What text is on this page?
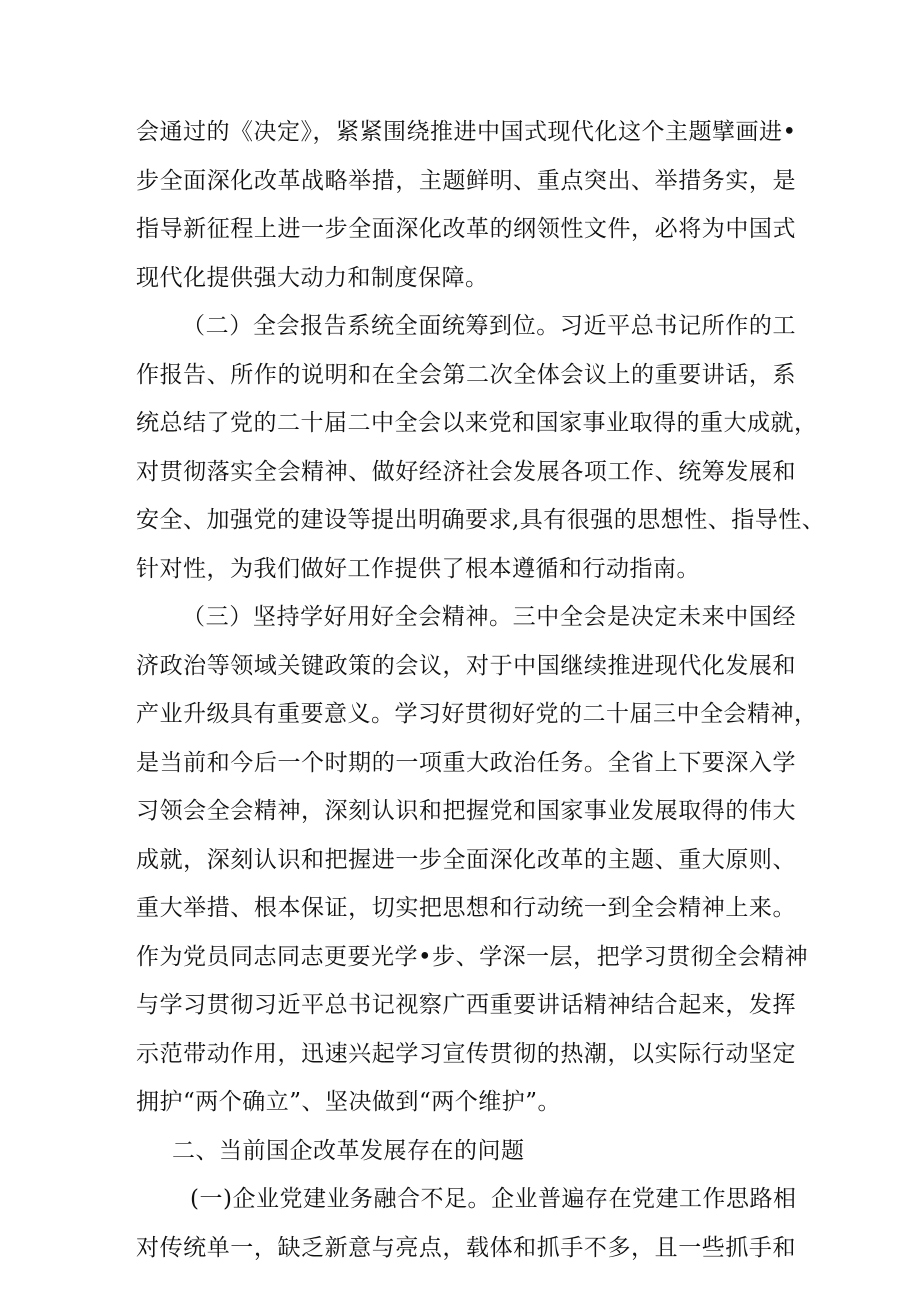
会通过的《决定》，紧紧围绕推进中国式现代化这个主题擘画进•
步全面深化改革战略举措，主题鲜明、重点突出、举措务实，是
指导新征程上进一步全面深化改革的纲领性文件，必将为中国式
现代化提供强大动力和制度保障。
（二）全会报告系统全面统筹到位。习近平总书记所作的工
作报告、所作的说明和在全会第二次全体会议上的重要讲话，系
统总结了党的二十届二中全会以来党和国家事业取得的重大成就，
对贯彻落实全会精神、做好经济社会发展各项工作、统筹发展和
安全、加强党的建设等提出明确要求,具有很强的思想性、指导性、
针对性，为我们做好工作提供了根本遵循和行动指南。
（三）坚持学好用好全会精神。三中全会是决定未来中国经
济政治等领域关键政策的会议，对于中国继续推进现代化发展和
产业升级具有重要意义。学习好贯彻好党的二十届三中全会精神，
是当前和今后一个时期的一项重大政治任务。全省上下要深入学
习领会全会精神，深刻认识和把握党和国家事业发展取得的伟大
成就，深刻认识和把握进一步全面深化改革的主题、重大原则、
重大举措、根本保证，切实把思想和行动统一到全会精神上来。
作为党员同志同志更要光学•步、学深一层，把学习贯彻全会精神
与学习贯彻习近平总书记视察广西重要讲话精神结合起来，发挥
示范带动作用，迅速兴起学习宣传贯彻的热潮，以实际行动坚定
拥护“两个确立”、坚决做到“两个维护”。
二、当前国企改革发展存在的问题
(一)企业党建业务融合不足。企业普遍存在党建工作思路相
对传统单一，缺乏新意与亮点，载体和抓手不多，且一些抓手和
